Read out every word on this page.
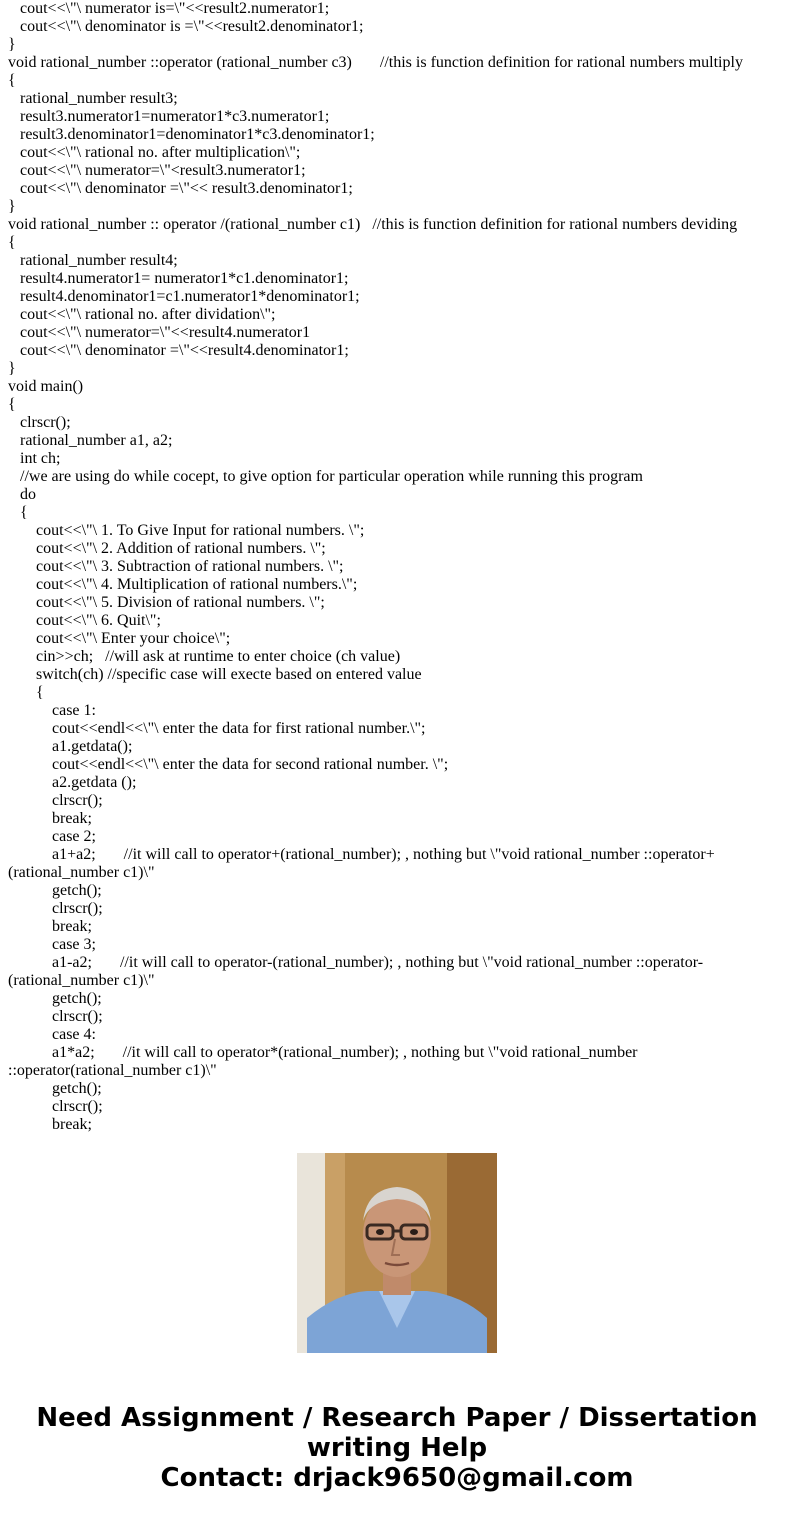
cout<<\"\ numerator is=\"<<result2.numerator1;
cout<<\"\ denominator is =\"<<result2.denominator1;
}
void rational_number ::operator (rational_number c3)       //this is function definition for rational numbers multiply
{
rational_number result3;
result3.numerator1=numerator1*c3.numerator1;
result3.denominator1=denominator1*c3.denominator1;
cout<<\"\ rational no. after multiplication\";
cout<<\"\ numerator=\"<result3.numerator1;
cout<<\"\ denominator =\"<< result3.denominator1;
}
void rational_number :: operator /(rational_number c1)   //this is function definition for rational numbers deviding
{
rational_number result4;
result4.numerator1= numerator1*c1.denominator1;
result4.denominator1=c1.numerator1*denominator1;
cout<<\"\ rational no. after dividation\";
cout<<\"\ numerator=\"<<result4.numerator1
cout<<\"\ denominator =\"<<result4.denominator1;
}
void main()
{
clrscr();
rational_number a1, a2;
int ch;
//we are using do while cocept, to give option for particular operation while running this program
do
{
cout<<\"\ 1. To Give Input for rational numbers. \";
cout<<\"\ 2. Addition of rational numbers. \";
cout<<\"\ 3. Subtraction of rational numbers. \";
cout<<\"\ 4. Multiplication of rational numbers.\";
cout<<\"\ 5. Division of rational numbers. \";
cout<<\"\ 6. Quit\";
cout<<\"\ Enter your choice\";
cin>>ch;   //will ask at runtime to enter choice (ch value)
switch(ch) //specific case will execte based on entered value
{
case 1:
cout<<endl<<\"\ enter the data for first rational number.\";
a1.getdata();
cout<<endl<<\"\ enter the data for second rational number. \";
a2.getdata ();
clrscr();
break;
case 2;
a1+a2;       //it will call to operator+(rational_number); , nothing but \"void rational_number ::operator+
(rational_number c1)\"
getch();
clrscr();
break;
case 3;
a1-a2;       //it will call to operator-(rational_number); , nothing but \"void rational_number ::operator-
(rational_number c1)\"
getch();
clrscr();
case 4:
a1*a2;       //it will call to operator*(rational_number); , nothing but \"void rational_number
::operator(rational_number c1)\"
getch();
clrscr();
break;
Need Assignment / Research Paper / Dissertation
writing Help
Contact: drjack9650@gmail.com
